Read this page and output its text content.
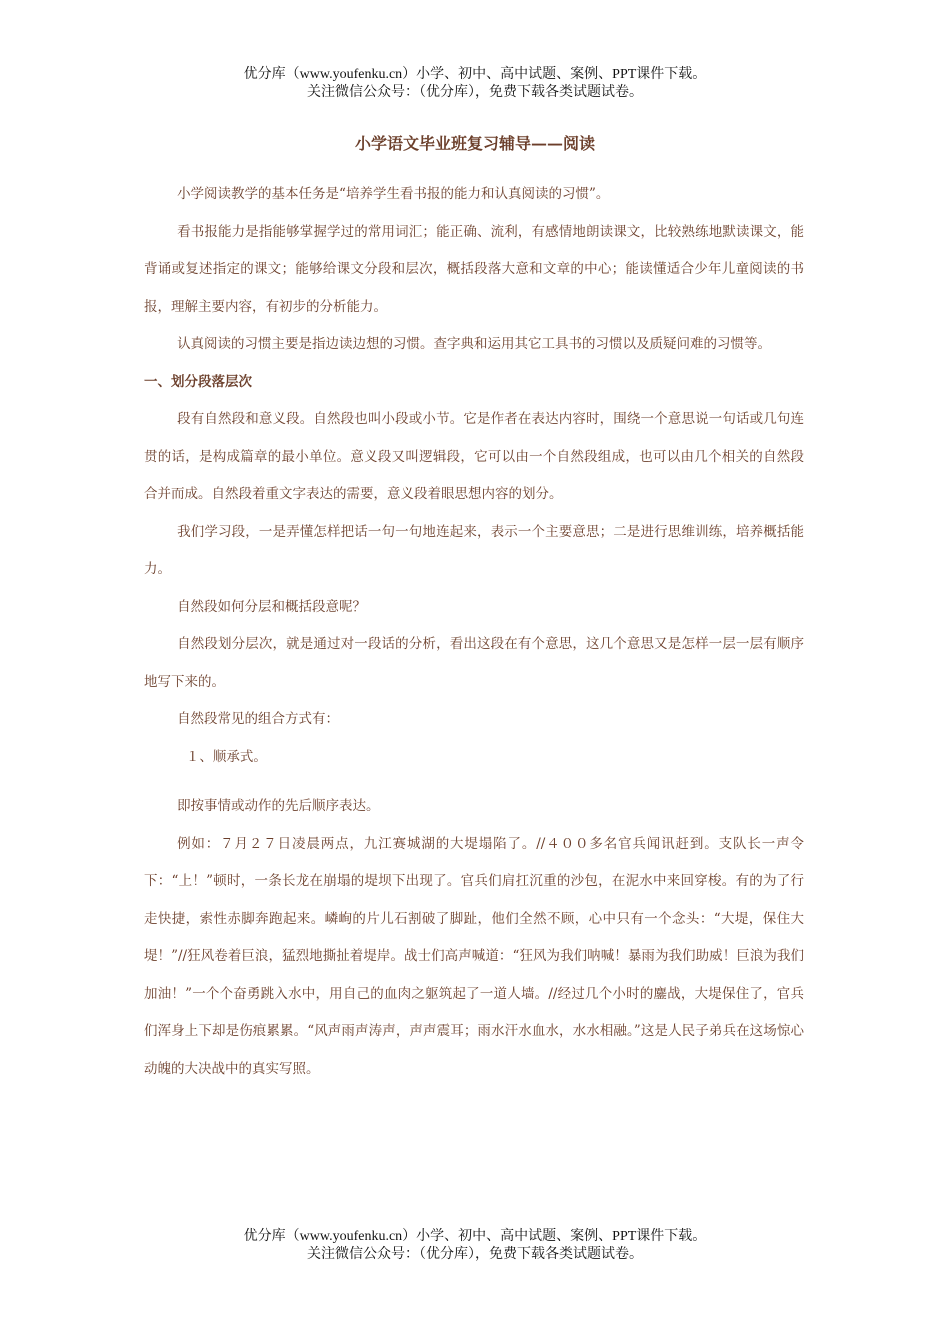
优分库（www.youfenku.cn）小学、初中、高中试题、案例、PPT课件下载。
关注微信公众号：（优分库），免费下载各类试题试卷。
小学语文毕业班复习辅导——阅读

小学阅读教学的基本任务是“培养学生看书报的能力和认真阅读的习惯”。

看书报能力是指能够掌握学过的常用词汇；能正确、流利，有感情地朗读课文，比较熟练地默读课文，能背诵或复述指定的课文；能够给课文分段和层次，概括段落大意和文章的中心；能读懂适合少年儿童阅读的书报，理解主要内容，有初步的分析能力。

认真阅读的习惯主要是指边读边想的习惯。查字典和运用其它工具书的习惯以及质疑问难的习惯等。

一、划分段落层次

段有自然段和意义段。自然段也叫小段或小节。它是作者在表达内容时，围绕一个意思说一句话或几句连贯的话，是构成篇章的最小单位。意义段又叫逻辑段，它可以由一个自然段组成，也可以由几个相关的自然段合并而成。自然段着重文字表达的需要，意义段着眼思想内容的划分。

我们学习段，一是弄懂怎样把话一句一句地连起来，表示一个主要意思；二是进行思维训练，培养概括能力。

自然段如何分层和概括段意呢？

自然段划分层次，就是通过对一段话的分析，看出这段在有个意思，这几个意思又是怎样一层一层有顺序地写下来的。

自然段常见的组合方式有：

１、顺承式。

即按事情或动作的先后顺序表达。

例如：７月２７日凌晨两点，九江赛城湖的大堤塌陷了。//４００多名官兵闻讯赶到。支队长一声令下：“上！”顿时，一条长龙在崩塌的堤坝下出现了。官兵们肩扛沉重的沙包，在泥水中来回穿梭。有的为了行走快捷，索性赤脚奔跑起来。嶙峋的片儿石割破了脚趾，他们全然不顾，心中只有一个念头：“大堤，保住大堤！”//狂风卷着巨浪，猛烈地撕扯着堤岸。战士们高声喊道：“狂风为我们呐喊！暴雨为我们助威！巨浪为我们加油！”一个个奋勇跳入水中，用自己的血肉之躯筑起了一道人墙。//经过几个小时的鏖战，大堤保住了，官兵们浑身上下却是伤痕累累。“风声雨声涛声，声声震耳；雨水汗水血水，水水相融。”这是人民子弟兵在这场惊心动魄的大决战中的真实写照。

优分库（www.youfenku.cn）小学、初中、高中试题、案例、PPT课件下载。
关注微信公众号：（优分库），免费下载各类试题试卷。
